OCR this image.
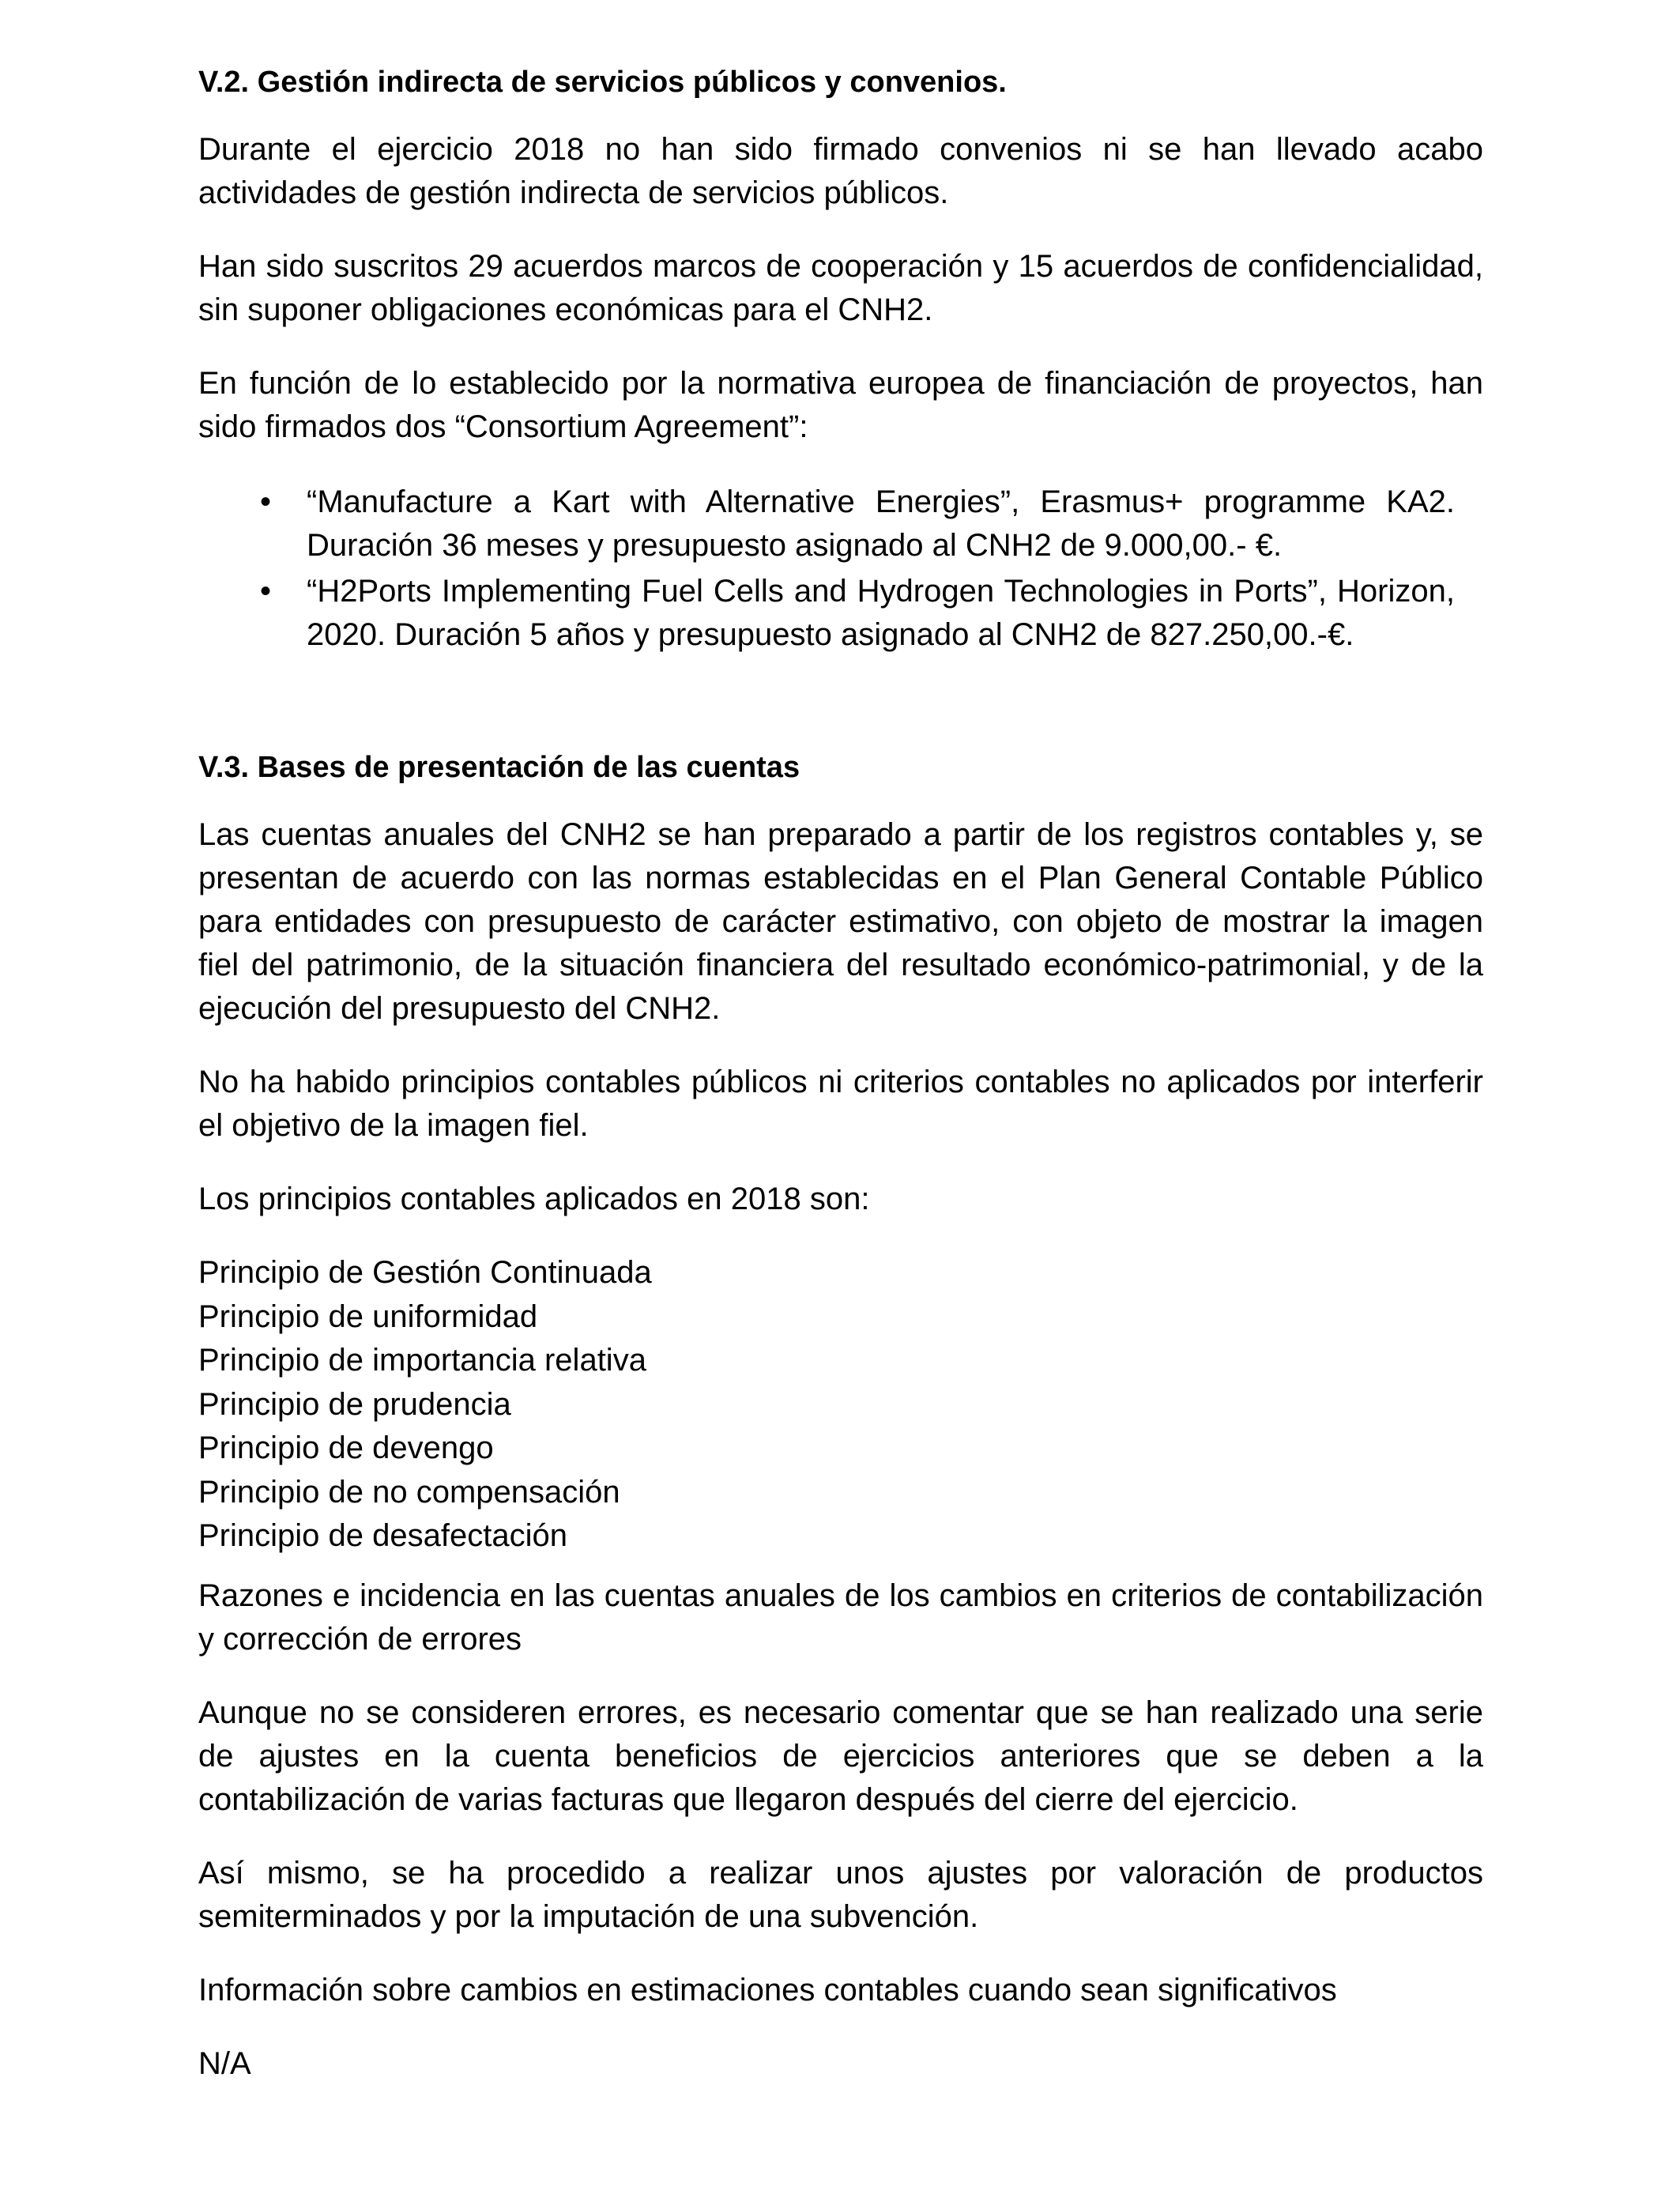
V.2. Gestión indirecta de servicios públicos y convenios.

Durante el ejercicio 2018 no han sido firmado convenios ni se han llevado acabo actividades de gestión indirecta de servicios públicos.

Han sido suscritos 29 acuerdos marcos de cooperación y 15 acuerdos de confidencialidad, sin suponer obligaciones económicas para el CNH2.

En función de lo establecido por la normativa europea de financiación de proyectos, han sido firmados dos “Consortium Agreement”:

• “Manufacture a Kart with Alternative Energies”, Erasmus+ programme KA2. Duración 36 meses y presupuesto asignado al CNH2 de 9.000,00.- €.
• “H2Ports Implementing Fuel Cells and Hydrogen Technologies in Ports”, Horizon, 2020. Duración 5 años y presupuesto asignado al CNH2 de 827.250,00.-€.
V.3. Bases de presentación de las cuentas

Las cuentas anuales del CNH2 se han preparado a partir de los registros contables y, se presentan de acuerdo con las normas establecidas en el Plan General Contable Público para entidades con presupuesto de carácter estimativo, con objeto de mostrar la imagen fiel del patrimonio, de la situación financiera del resultado económico-patrimonial, y de la ejecución del presupuesto del CNH2.

No ha habido principios contables públicos ni criterios contables no aplicados por interferir el objetivo de la imagen fiel.

Los principios contables aplicados en 2018 son:

Principio de Gestión Continuada
Principio de uniformidad
Principio de importancia relativa
Principio de prudencia
Principio de devengo
Principio de no compensación
Principio de desafectación

Razones e incidencia en las cuentas anuales de los cambios en criterios de contabilización y corrección de errores

Aunque no se consideren errores, es necesario comentar que se han realizado una serie de ajustes en la cuenta beneficios de ejercicios anteriores que se deben a la contabilización de varias facturas que llegaron después del cierre del ejercicio.

Así mismo, se ha procedido a realizar unos ajustes por valoración de productos semiterminados y por la imputación de una subvención.

Información sobre cambios en estimaciones contables cuando sean significativos

N/A
